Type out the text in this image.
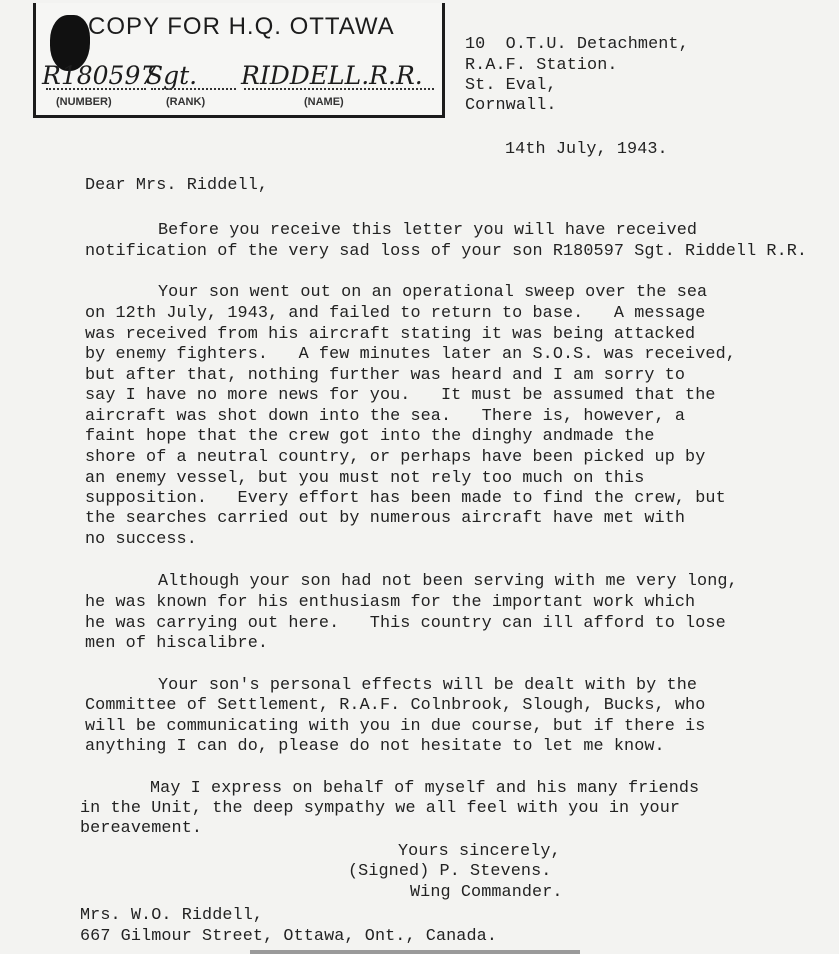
COPY FOR H.Q. OTTAWA
R180597
Sgt. RIDDELL.R.R.
(NUMBER)	(RANK)	(NAME)
10  O.T.U. Detachment,
R.A.F. Station.
St. Eval,
Cornwall.
14th July, 1943.
Dear Mrs. Riddell,
Before you receive this letter you will have received
notification of the very sad loss of your son R180597 Sgt. Riddell R.R.
Your son went out on an operational sweep over the sea
on 12th July, 1943, and failed to return to base.   A message
was received from his aircraft stating it was being attacked
by enemy fighters.   A few minutes later an S.O.S. was received,
but after that, nothing further was heard and I am sorry to
say I have no more news for you.   It must be assumed that the
aircraft was shot down into the sea.   There is, however, a
faint hope that the crew got into the dinghy andmade the
shore of a neutral country, or perhaps have been picked up by
an enemy vessel, but you must not rely too much on this
supposition.   Every effort has been made to find the crew, but
the searches carried out by numerous aircraft have met with
no success.
Although your son had not been serving with me very long,
he was known for his enthusiasm for the important work which
he was carrying out here.   This country can ill afford to lose
men of hiscalibre.
Your son's personal effects will be dealt with by the
Committee of Settlement, R.A.F. Colnbrook, Slough, Bucks, who
will be communicating with you in due course, but if there is
anything I can do, please do not hesitate to let me know.
May I express on behalf of myself and his many friends
in the Unit, the deep sympathy we all feel with you in your
bereavement.
Yours sincerely,
(Signed) P. Stevens.
Wing Commander.
Mrs. W.O. Riddell,
667 Gilmour Street, Ottawa, Ont., Canada.
